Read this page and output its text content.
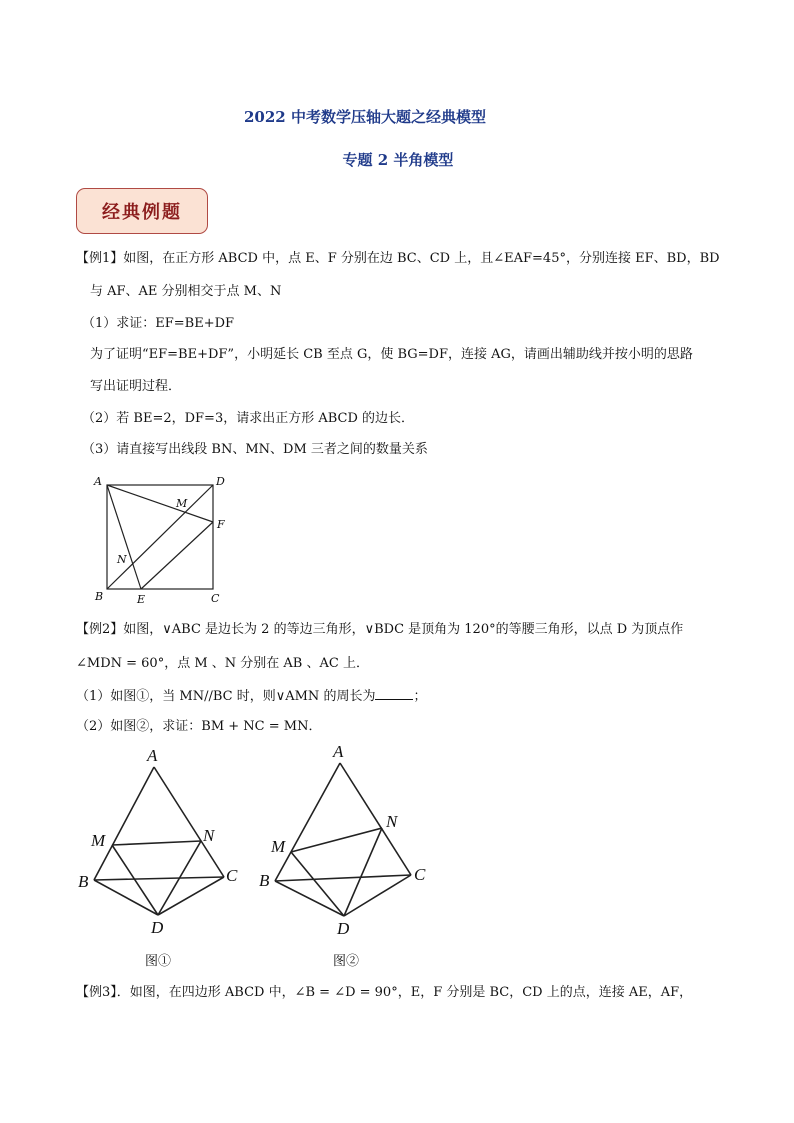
2022 中考数学压轴大题之经典模型
专题 2 半角模型
经典例题
【例1】如图，在正方形 ABCD 中，点 E、F 分别在边 BC、CD 上，且∠EAF=45°，分别连接 EF、BD，BD
与 AF、AE 分别相交于点 M、N
（1）求证：EF=BE+DF
为了证明“EF=BE+DF”，小明延长 CB 至点 G，使 BG=DF，连接 AG，请画出辅助线并按小明的思路
写出证明过程．
（2）若 BE=2，DF=3，请求出正方形 ABCD 的边长．
（3）请直接写出线段 BN、MN、DM 三者之间的数量关系
A	D
B	C
E
F
M
N
【例2】如图，∨ABC 是边长为 2 的等边三角形，∨BDC 是顶角为 120°的等腰三角形，以点 D 为顶点作
∠MDN = 60°，点 M 、N 分别在 AB 、AC 上．
（1）如图①，当 MN//BC 时，则∨AMN 的周长为	；
（2）如图②，求证：BM + NC = MN．
A
M	N
B	C
D
图①
A
M
N
B	C
D
图②
【例3】．如图，在四边形 ABCD 中，∠B = ∠D = 90°，E，F 分别是 BC，CD 上的点，连接 AE，AF，
